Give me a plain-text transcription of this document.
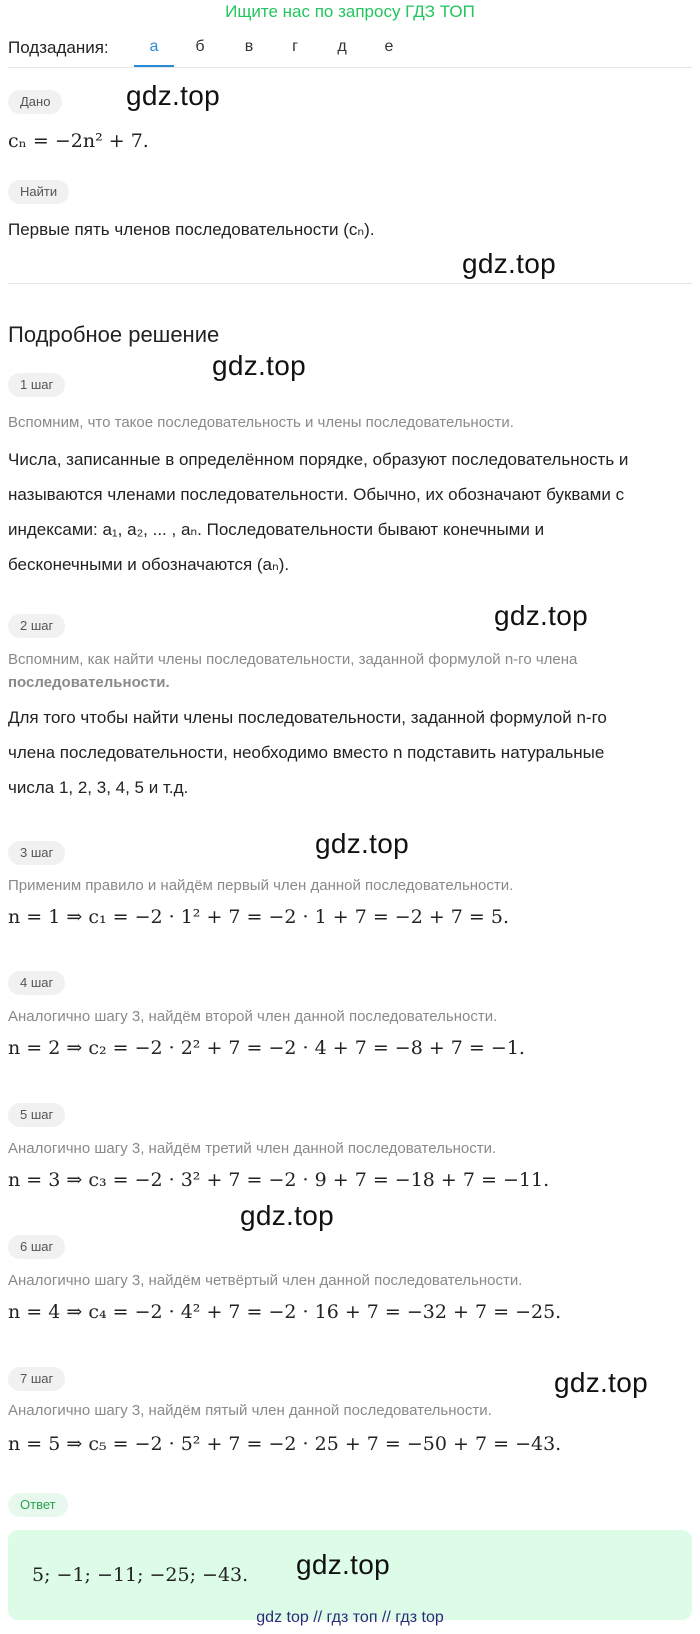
Ищите нас по запросу ГДЗ ТОП
Подзадания:	а	б	в	г	д	е
Дано	gdz.top
cₙ = −2n² + 7.
Найти
Первые пять членов последовательности (cₙ).
gdz.top
Подробное решение
1 шаг
gdz.top
Вспомним, что такое последовательность и члены последовательности.
Числа, записанные в определённом порядке, образуют последовательность и
называются членами последовательности. Обычно, их обозначают буквами с
индексами: a₁, a₂, ... , aₙ. Последовательности бывают конечными и
бесконечными и обозначаются (aₙ).
2 шаг	gdz.top
Вспомним, как найти члены последовательности, заданной формулой n-го члена
последовательности.
Для того чтобы найти члены последовательности, заданной формулой n-го
члена последовательности, необходимо вместо n подставить натуральные
числа 1, 2, 3, 4, 5 и т.д.
3 шаг	gdz.top
Применим правило и найдём первый член данной последовательности.
n = 1 ⇒ c₁ = −2 · 1² + 7 = −2 · 1 + 7 = −2 + 7 = 5.
4 шаг
Аналогично шагу 3, найдём второй член данной последовательности.
n = 2 ⇒ c₂ = −2 · 2² + 7 = −2 · 4 + 7 = −8 + 7 = −1.
5 шаг
Аналогично шагу 3, найдём третий член данной последовательности.
n = 3 ⇒ c₃ = −2 · 3² + 7 = −2 · 9 + 7 = −18 + 7 = −11.
gdz.top
6 шаг
Аналогично шагу 3, найдём четвёртый член данной последовательности.
n = 4 ⇒ c₄ = −2 · 4² + 7 = −2 · 16 + 7 = −32 + 7 = −25.
7 шаг	gdz.top
Аналогично шагу 3, найдём пятый член данной последовательности.
n = 5 ⇒ c₅ = −2 · 5² + 7 = −2 · 25 + 7 = −50 + 7 = −43.
Ответ
5; −1; −11; −25; −43. gdz.top
gdz top // гдз топ // гдз top
